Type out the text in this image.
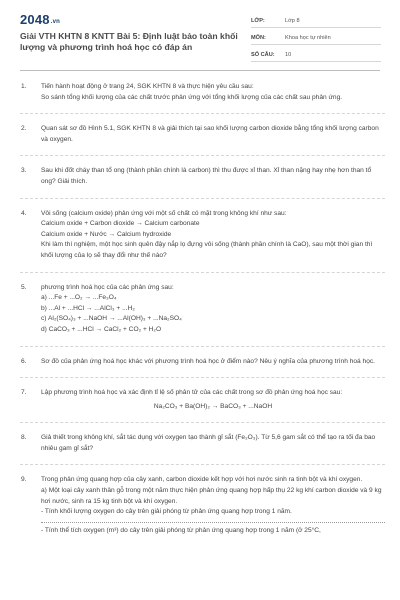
2048.vn
Giải VTH KHTN 8 KNTT Bài 5: Định luật bảo toàn khối lượng và phương trình hoá học có đáp án
LỚP:	Lớp 8
MÔN:	Khoa học tự nhiên
SỐ CÂU:	10
1. Tiến hành hoạt động ở trang 24, SGK KHTN 8 và thực hiện yêu cầu sau:
So sánh tổng khối lượng của các chất trước phản ứng với tổng khối lượng của các chất sau phản ứng.
2. Quan sát sơ đồ Hình 5.1, SGK KHTN 8 và giải thích tại sao khối lượng carbon dioxide bằng tổng khối lượng carbon và oxygen.
3. Sau khi đốt cháy than tổ ong (thành phần chính là carbon) thì thu được xỉ than. Xỉ than nặng hay nhẹ hơn than tổ ong? Giải thích.
4. Vôi sống (calcium oxide) phản ứng với một số chất có mặt trong không khí như sau:
Calcium oxide + Carbon dioxide → Calcium carbonate
Calcium oxide + Nước → Calcium hydroxide
Khi làm thí nghiệm, một học sinh quên đậy nắp lọ đựng vôi sống (thành phần chính là CaO), sau một thời gian thì khối lượng của lọ sẽ thay đổi như thế nào?
5. phương trình hoá học của các phản ứng sau:
a) ...Fe + ...O₂ → ...Fe₃O₄
b) ...Al + ...HCl → ...AlCl₃ + ...H₂
c) Al₂(SO₄)₃ + ...NaOH → ...Al(OH)₃ + ...Na₂SO₄
d) CaCO₃ + ...HCl → CaCl₂ + CO₂ + H₂O
6. Sơ đồ của phản ứng hoá học khác với phương trình hoá học ở điểm nào? Nêu ý nghĩa của phương trình hoá học.
7. Lập phương trình hoá học và xác định tỉ lệ số phân tử của các chất trong sơ đồ phản ứng hoá học sau:
Na₂CO₃ + Ba(OH)₂ → BaCO₃ + ...NaOH
8. Giả thiết trong không khí, sắt tác dụng với oxygen tạo thành gỉ sắt (Fe₂O₃). Từ 5,6 gam sắt có thể tạo ra tối đa bao nhiêu gam gỉ sắt?
9. Trong phản ứng quang hợp của cây xanh, carbon dioxide kết hợp với hơi nước sinh ra tinh bột và khí oxygen.
a) Một loại cây xanh thân gỗ trong một năm thực hiện phản ứng quang hợp hấp thụ 22 kg khí carbon dioxide và 9 kg hơi nước, sinh ra 15 kg tinh bột và khí oxygen.
- Tính khối lượng oxygen do cây trên giải phóng từ phản ứng quang hợp trong 1 năm.
- Tính thể tích oxygen (m³) do cây trên giải phóng từ phản ứng quang hợp trong 1 năm (ở 25°C,
